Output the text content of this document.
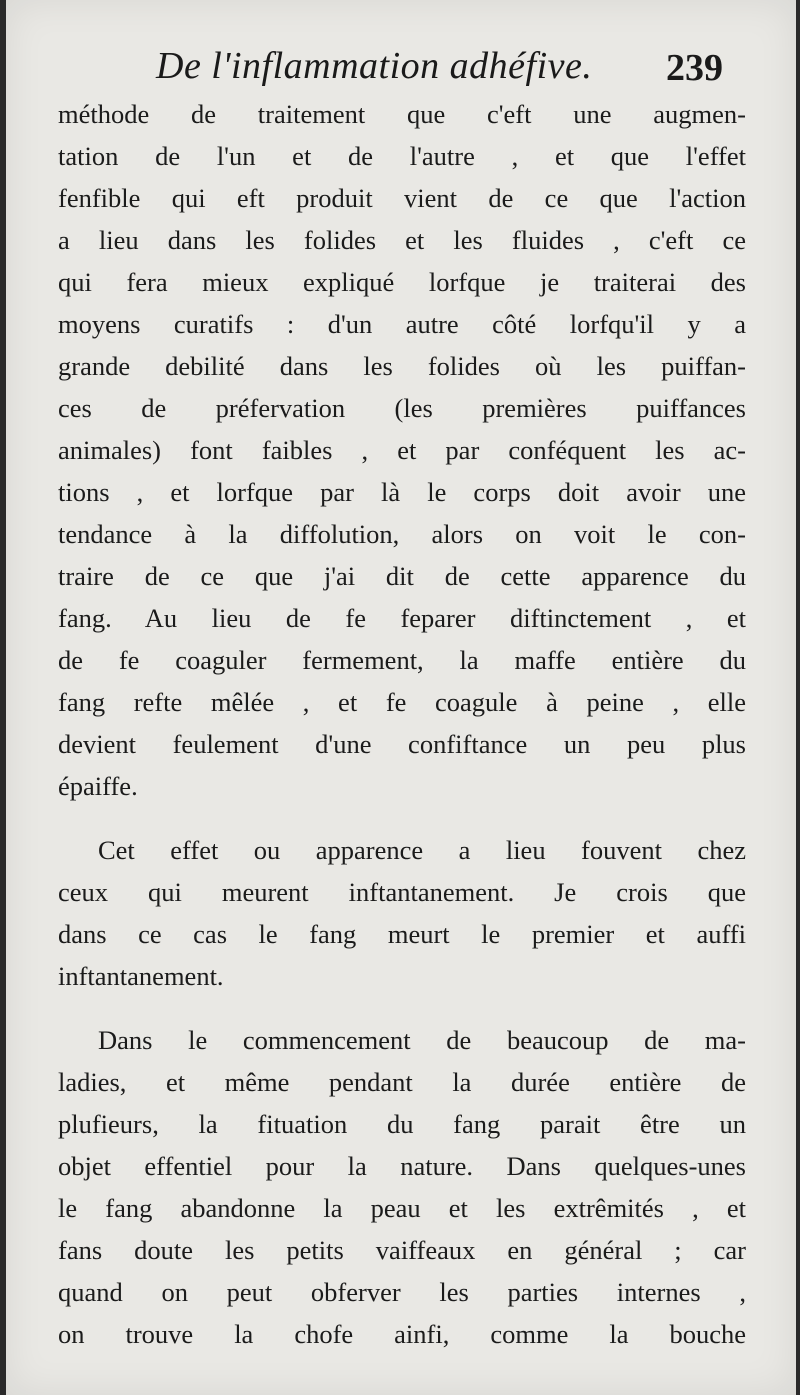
De l'inflammation adhéfive. 239
méthode de traitement que c'eft une augmen-
tation de l'un et de l'autre , et que l'effet
fenfible qui eft produit vient de ce que l'action
a lieu dans les folides et les fluides , c'eft ce
qui fera mieux expliqué lorfque je traiterai des
moyens curatifs : d'un autre côté lorfqu'il y a
grande debilité dans les folides où les puiffan-
ces de préfervation (les premières puiffances
animales) font faibles , et par conféquent les ac-
tions , et lorfque par là le corps doit avoir une
tendance à la diffolution, alors on voit le con-
traire de ce que j'ai dit de cette apparence du
fang. Au lieu de fe feparer diftinctement , et
de fe coaguler fermement, la maffe entière du
fang refte mêlée , et fe coagule à peine , elle
devient feulement d'une confiftance un peu plus
épaiffe.
Cet effet ou apparence a lieu fouvent chez
ceux qui meurent inftantanement. Je crois que
dans ce cas le fang meurt le premier et auffi
inftantanement.
Dans le commencement de beaucoup de ma-
ladies, et même pendant la durée entière de
plufieurs, la fituation du fang parait être un
objet effentiel pour la nature. Dans quelques-unes
le fang abandonne la peau et les extrêmités , et
fans doute les petits vaiffeaux en général ; car
quand on peut obferver les parties internes ,
on trouve la chofe ainfi, comme la bouche
